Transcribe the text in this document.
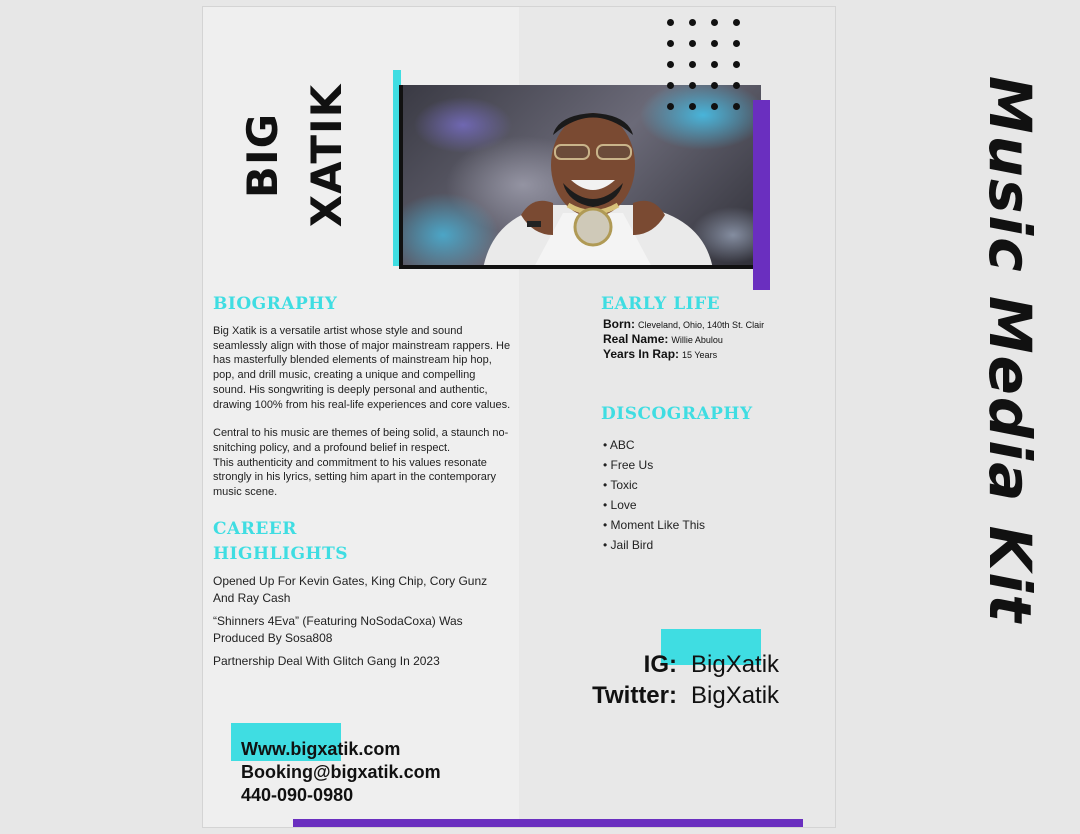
BIG XATIK
BIOGRAPHY

Big Xatik is a versatile artist whose style and sound seamlessly align with those of major mainstream rappers. He has masterfully blended elements of mainstream hip hop, pop, and drill music, creating a unique and compelling sound. His songwriting is deeply personal and authentic, drawing 100% from his real-life experiences and core values.

Central to his music are themes of being solid, a staunch no-snitching policy, and a profound belief in respect.

This authenticity and commitment to his values resonate strongly in his lyrics, setting him apart in the contemporary music scene.
CAREER
HIGHLIGHTS
Opened Up For Kevin Gates, King Chip, Cory Gunz And Ray Cash
“Shinners 4Eva” (Featuring NoSodaCoxa) Was Produced By Sosa808
Partnership Deal With Glitch Gang In 2023
EARLY LIFE
Born: Cleveland, Ohio, 140th St. Clair
Real Name: Willie Abulou
Years In Rap: 15 Years
DISCOGRAPHY
• ABC
• Free Us
• Toxic
• Love
• Moment Like This
• Jail Bird
IG: BigXatik
Twitter: BigXatik
Www.bigxatik.com
Booking@bigxatik.com
440-090-0980
Music Media Kit
